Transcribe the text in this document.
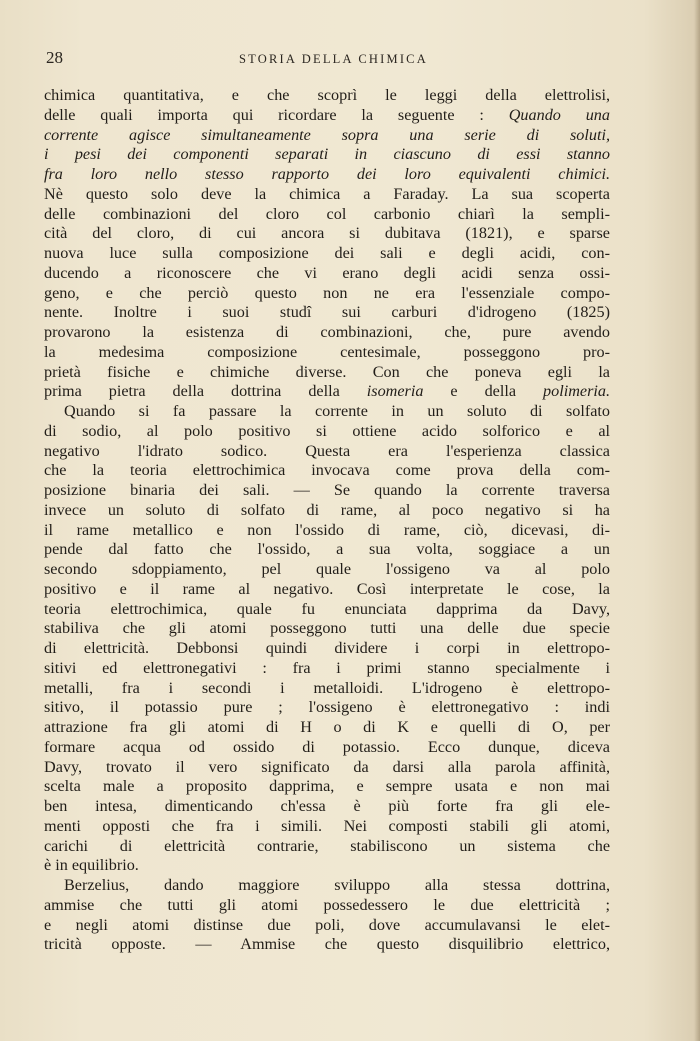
28	STORIA DELLA CHIMICA
chimica quantitativa, e che scoprì le leggi della elettrolisi,
delle quali importa qui ricordare la seguente : Quando una
corrente agisce simultaneamente sopra una serie di soluti,
i pesi dei componenti separati in ciascuno di essi stanno
fra loro nello stesso rapporto dei loro equivalenti chimici.
Nè questo solo deve la chimica a Faraday. La sua scoperta
delle combinazioni del cloro col carbonio chiarì la sempli-
cità del cloro, di cui ancora si dubitava (1821), e sparse
nuova luce sulla composizione dei sali e degli acidi, con-
ducendo a riconoscere che vi erano degli acidi senza ossi-
geno, e che perciò questo non ne era l'essenziale compo-
nente. Inoltre i suoi studî sui carburi d'idrogeno (1825)
provarono la esistenza di combinazioni, che, pure avendo
la medesima composizione centesimale, posseggono pro-
prietà fisiche e chimiche diverse. Con che poneva egli la
prima pietra della dottrina della isomeria e della polimeria.
Quando si fa passare la corrente in un soluto di solfato
di sodio, al polo positivo si ottiene acido solforico e al
negativo l'idrato sodico. Questa era l'esperienza classica
che la teoria elettrochimica invocava come prova della com-
posizione binaria dei sali. — Se quando la corrente traversa
invece un soluto di solfato di rame, al poco negativo si ha
il rame metallico e non l'ossido di rame, ciò, dicevasi, di-
pende dal fatto che l'ossido, a sua volta, soggiace a un
secondo sdoppiamento, pel quale l'ossigeno va al polo
positivo e il rame al negativo. Così interpretate le cose, la
teoria elettrochimica, quale fu enunciata dapprima da Davy,
stabiliva che gli atomi posseggono tutti una delle due specie
di elettricità. Debbonsi quindi dividere i corpi in elettropo-
sitivi ed elettronegativi : fra i primi stanno specialmente i
metalli, fra i secondi i metalloidi. L'idrogeno è elettropo-
sitivo, il potassio pure ; l'ossigeno è elettronegativo : indi
attrazione fra gli atomi di H o di K e quelli di O, per
formare acqua od ossido di potassio. Ecco dunque, diceva
Davy, trovato il vero significato da darsi alla parola affinità,
scelta male a proposito dapprima, e sempre usata e non mai
ben intesa, dimenticando ch'essa è più forte fra gli ele-
menti opposti che fra i simili. Nei composti stabili gli atomi,
carichi di elettricità contrarie, stabiliscono un sistema che
è in equilibrio.
Berzelius, dando maggiore sviluppo alla stessa dottrina,
ammise che tutti gli atomi possedessero le due elettricità ;
e negli atomi distinse due poli, dove accumulavansi le elet-
tricità opposte. — Ammise che questo disquilibrio elettrico,
